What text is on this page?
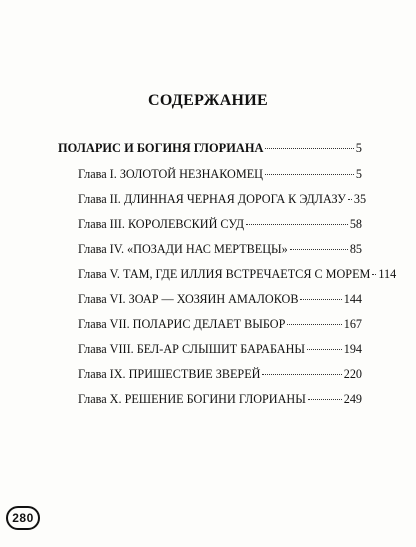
СОДЕРЖАНИЕ
ПОЛАРИС И БОГИНЯ ГЛОРИАНА	5
Глава I. ЗОЛОТОЙ НЕЗНАКОМЕЦ	5
Глава II. ДЛИННАЯ ЧЕРНАЯ ДОРОГА К ЭДЛАЗУ 35
Глава III. КОРОЛЕВСКИЙ СУД	58
Глава IV. «ПОЗАДИ НАС МЕРТВЕЦЫ»	85
Глава V. ТАМ, ГДЕ ИЛЛИЯ ВСТРЕЧАЕТСЯ С МОРЕМ 114
Глава VI. ЗОАР — ХОЗЯИН АМАЛОКОВ	144
Глава VII. ПОЛАРИС ДЕЛАЕТ ВЫБОР	167
Глава VIII. БЕЛ-АР СЛЫШИТ БАРАБАНЫ	194
Глава IX. ПРИШЕСТВИЕ ЗВЕРЕЙ	220
Глава X. РЕШЕНИЕ БОГИНИ ГЛОРИАНЫ	249
280
